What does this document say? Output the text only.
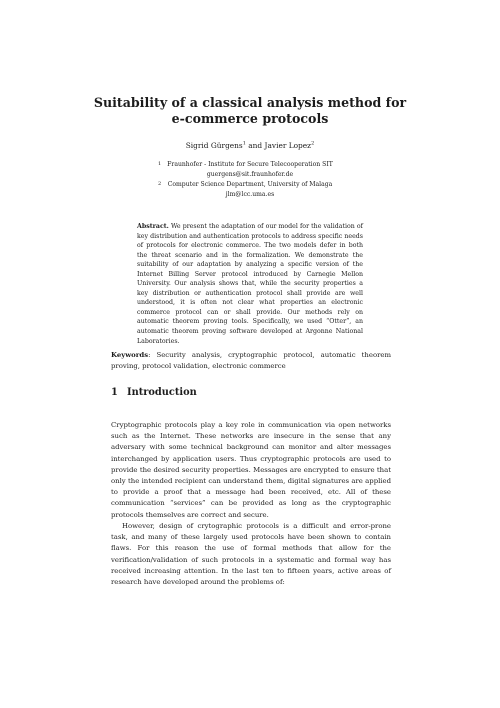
Suitability of a classical analysis method for
e-commerce protocols
Sigrid Gürgens$^1$ and Javier Lopez$^2$
1 Fraunhofer - Institute for Secure Telecooperation SIT
guergens@sit.fraunhofer.de
2	Computer Science Department, University of Malaga
jlm@lcc.uma.es
Abstract. We present the adaptation of our model for the validation of key distribution and authentication protocols to address specific needs of protocols for electronic commerce. The two models defer in both the threat scenario and in the formalization. We demonstrate the suitability of our adaptation by analyzing a specific version of the Internet Billing Server protocol introduced by Carnegie Mellon University. Our analysis shows that, while the security properties a key distribution or authentication protocol shall provide are well understood, it is often not clear what properties an electronic commerce protocol can or shall provide. Our methods rely on automatic theorem proving tools. Specifically, we used “Otter”, an automatic theorem proving software developed at Argonne National Laboratories.
Keywords: Security analysis, cryptographic protocol, automatic theorem proving, protocol validation, electronic commerce
1 Introduction
Cryptographic protocols play a key role in communication via open networks such as the Internet. These networks are insecure in the sense that any adversary with some technical background can monitor and alter messages interchanged by application users. Thus cryptographic protocols are used to provide the desired security properties. Messages are encrypted to ensure that only the intended recipient can understand them, digital signatures are applied to provide a proof that a message had been received, etc. All of these communication “services” can be provided as long as the cryptographic protocols themselves are correct and secure.
However, design of crytographic protocols is a difficult and error-prone task, and many of these largely used protocols have been shown to contain flaws. For this reason the use of formal methods that allow for the verification/validation of such protocols in a systematic and formal way has received increasing attention. In the last ten to fifteen years, active areas of research have developed around the problems of:
